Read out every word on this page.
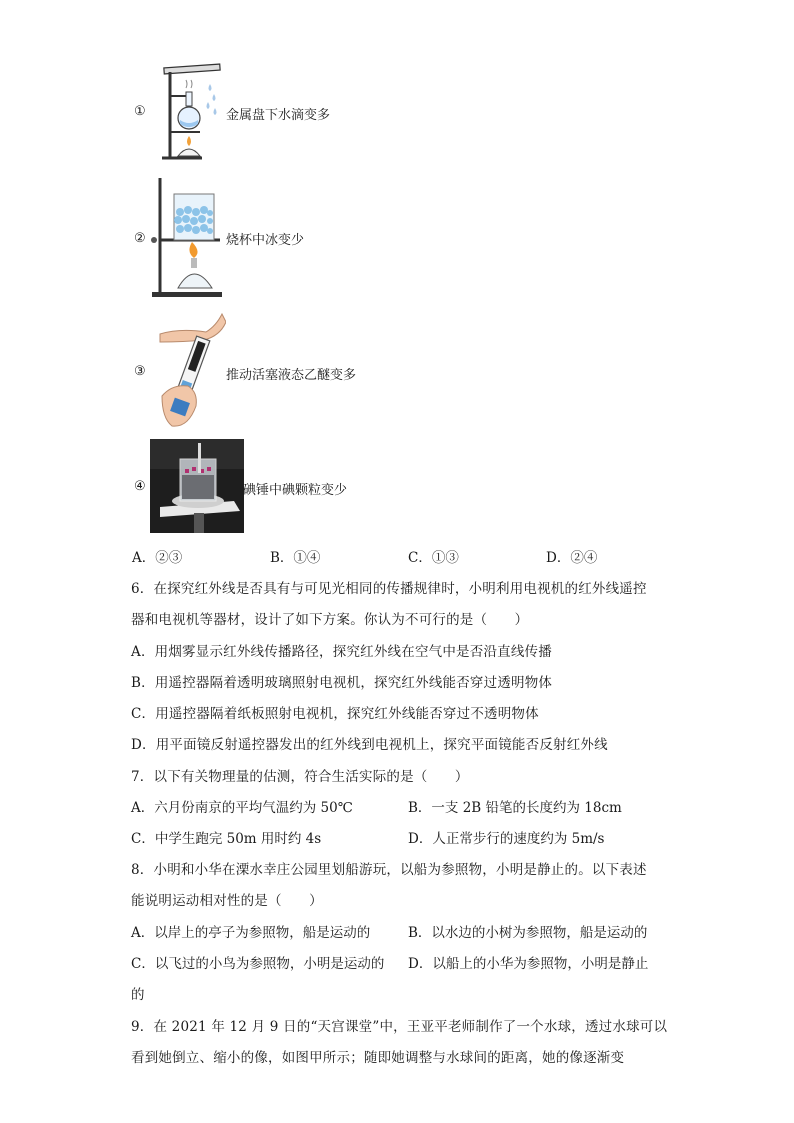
①	金属盘下水滴变多
②	烧杯中冰变少
③	推动活塞液态乙醚变多
④	碘锤中碘颗粒变少
A．②③	B．①④	C．①③	D．②④
6．在探究红外线是否具有与可见光相同的传播规律时，小明利用电视机的红外线遥控
器和电视机等器材，设计了如下方案。你认为不可行的是（　　）
A．用烟雾显示红外线传播路径，探究红外线在空气中是否沿直线传播
B．用遥控器隔着透明玻璃照射电视机，探究红外线能否穿过透明物体
C．用遥控器隔着纸板照射电视机，探究红外线能否穿过不透明物体
D．用平面镜反射遥控器发出的红外线到电视机上，探究平面镜能否反射红外线
7．以下有关物理量的估测，符合生活实际的是（　　）
A．六月份南京的平均气温约为 50℃	B．一支 2B 铅笔的长度约为 18cm
C．中学生跑完 50m 用时约 4s	D．人正常步行的速度约为 5m/s
8．小明和小华在溧水幸庄公园里划船游玩，以船为参照物，小明是静止的。以下表述
能说明运动相对性的是（　　）
A．以岸上的亭子为参照物，船是运动的	B．以水边的小树为参照物，船是运动的
C．以飞过的小鸟为参照物，小明是运动的 D．以船上的小华为参照物，小明是静止
的
9．在 2021 年 12 月 9 日的“天宫课堂”中，王亚平老师制作了一个水球，透过水球可以
看到她倒立、缩小的像，如图甲所示；随即她调整与水球间的距离，她的像逐渐变
